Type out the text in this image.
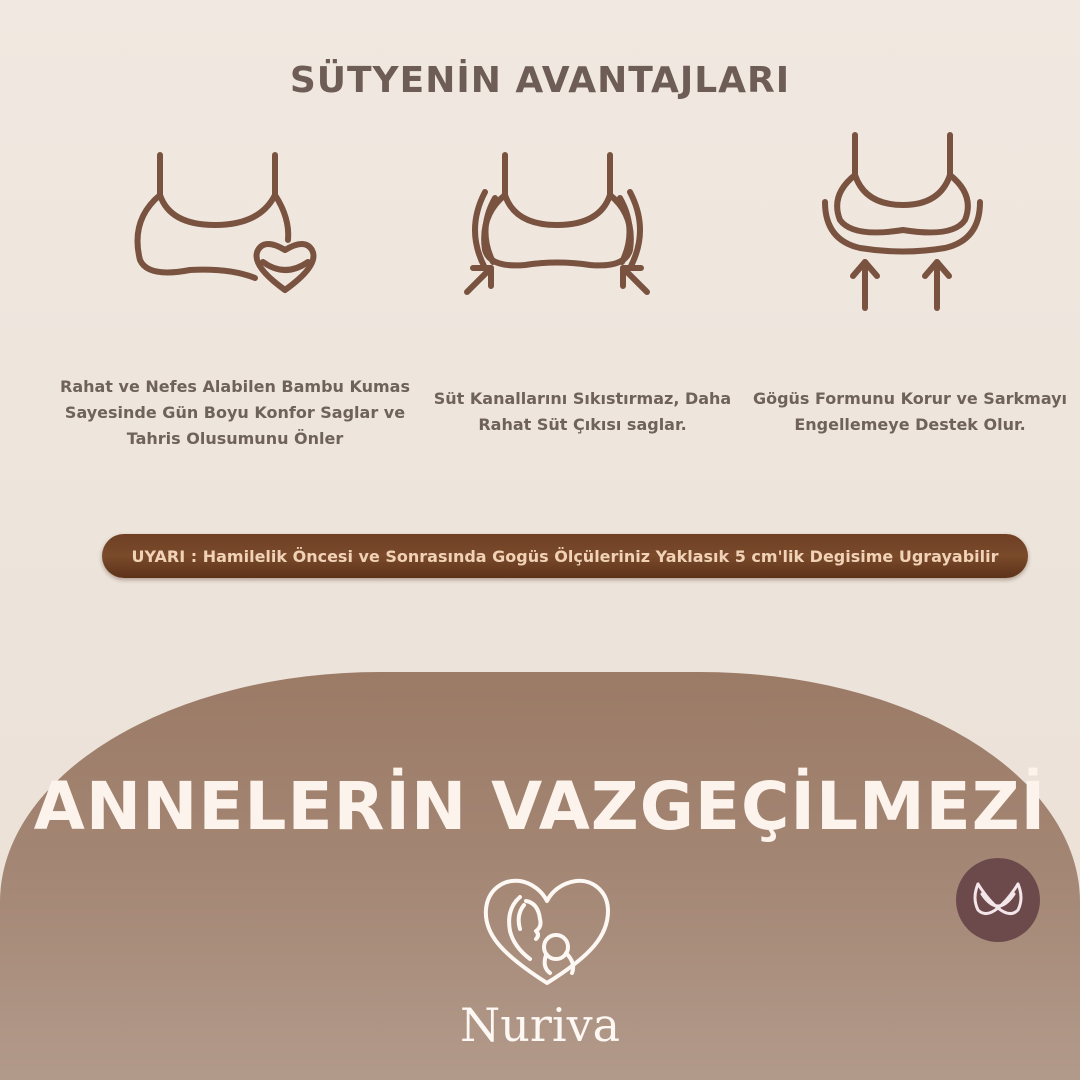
SÜTYENİN AVANTAJLARI
Rahat ve Nefes Alabilen Bambu Kumas
Sayesinde Gün Boyu Konfor Saglar ve
Tahris Olusumunu Önler
Süt Kanallarını Sıkıstırmaz, Daha
Rahat Süt Çıkısı saglar.
Gögüs Formunu Korur ve Sarkmayı
Engellemeye Destek Olur.
UYARI : Hamilelik Öncesi ve Sonrasında Gogüs Ölçüleriniz Yaklasık 5 cm'lik Degisime Ugrayabilir
ANNELERİN VAZGEÇİLMEZİ
Nuriva
